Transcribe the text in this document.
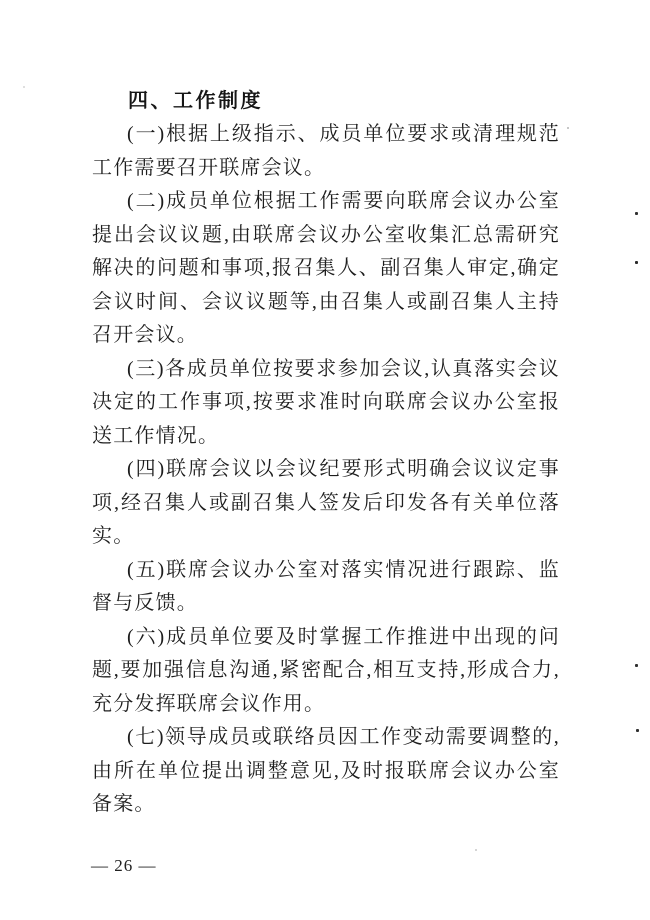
四、工作制度

(一)根据上级指示、成员单位要求或清理规范工作需要召开联席会议。

(二)成员单位根据工作需要向联席会议办公室提出会议议题,由联席会议办公室收集汇总需研究解决的问题和事项,报召集人、副召集人审定,确定会议时间、会议议题等,由召集人或副召集人主持召开会议。

(三)各成员单位按要求参加会议,认真落实会议决定的工作事项,按要求准时向联席会议办公室报送工作情况。

(四)联席会议以会议纪要形式明确会议议定事项,经召集人或副召集人签发后印发各有关单位落实。

(五)联席会议办公室对落实情况进行跟踪、监督与反馈。

(六)成员单位要及时掌握工作推进中出现的问题,要加强信息沟通,紧密配合,相互支持,形成合力,充分发挥联席会议作用。

(七)领导成员或联络员因工作变动需要调整的,由所在单位提出调整意见,及时报联席会议办公室备案。

— 26 —
